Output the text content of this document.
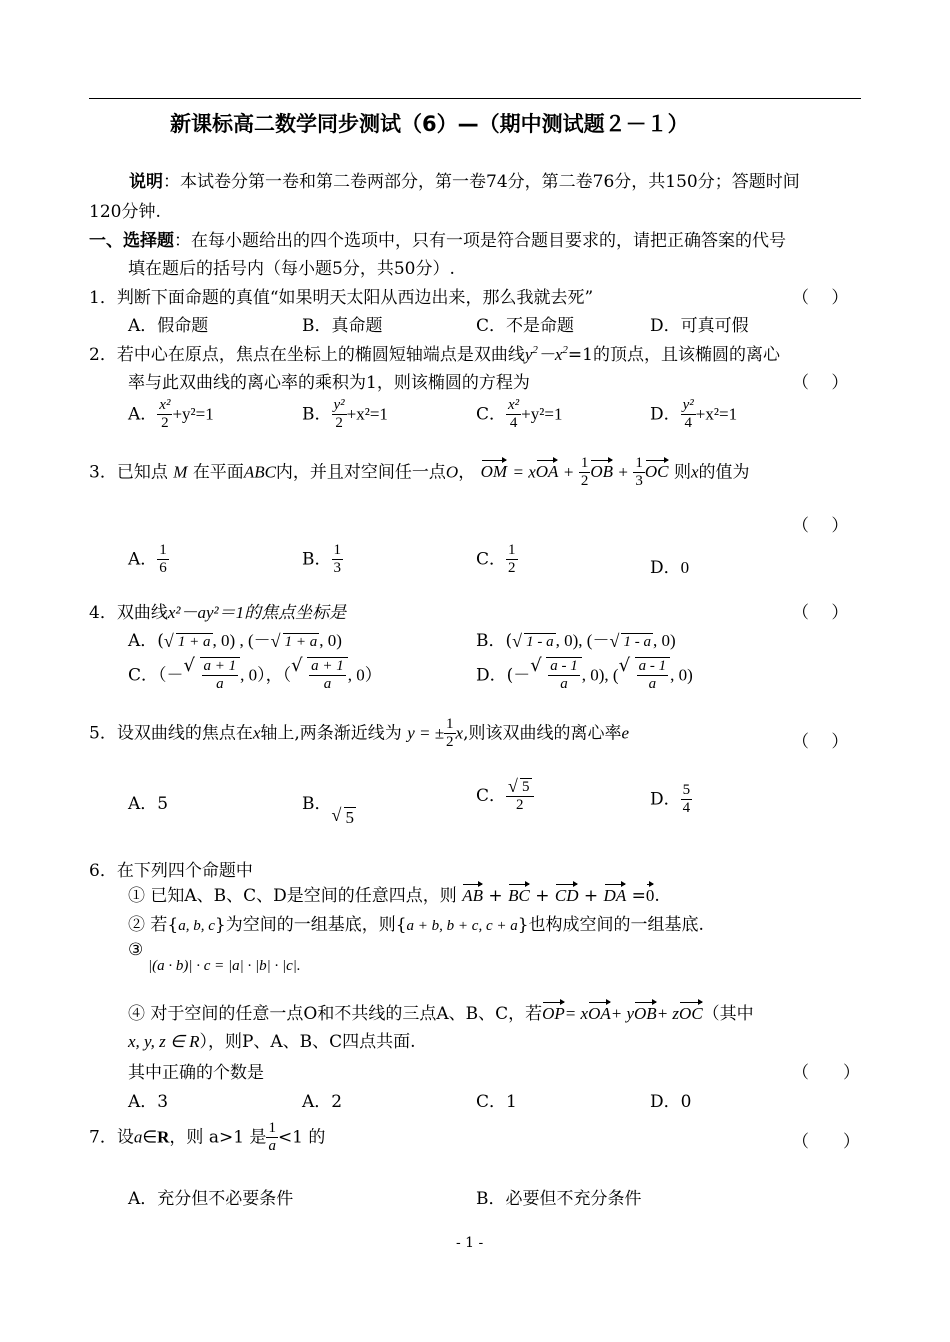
新课标高二数学同步测试（6）—（期中测试题２－１）
说明：本试卷分第一卷和第二卷两部分，第一卷74分，第二卷76分，共150分；答题时间
120分钟.
一、选择题：在每小题给出的四个选项中，只有一项是符合题目要求的，请把正确答案的代号
填在题后的括号内（每小题5分，共50分）.
1．判断下面命题的真值“如果明天太阳从西边出来，那么我就去死”	（　 ）
A．假命题	B．真命题	C．不是命题	D．可真可假
2．若中心在原点，焦点在坐标上的椭圆短轴端点是双曲线$y^2-x^2=1$的顶点，且该椭圆的离心
率与此双曲线的离心率的乘积为1，则该椭圆的方程为	（　 ）
A． $\frac{\text{x²}}{2} +y^2=1$	B． $\frac{\text{y²}}{2} +x^2=1$	C． $\frac{\text{x²}}{4} +y^2=1$	D． $\frac{\text{y²}}{4} +x^2=1$
3．已知点 M 在平面ABC内，并且对空间任一点O， OM = xOA + $\frac{1}{2}$ OB + $\frac{1}{3}$ OC 则x的值为
（　 ）
A． $\frac{1}{6}$	B． $\frac{1}{3}$	C． $\frac{1}{2}$	D．0
4．双曲线x²－ay²＝1的焦点坐标是	（　 ）
A．( √ 1 + a , 0) , (－ √ 1 + a , 0)	B．( √ 1 - a , 0), (－ √ 1 - a , 0)
C．（－ √ $\frac{a + 1}{a}$ , 0），（ √ $\frac{a + 1}{a}$ , 0）	D．(－ √ $\frac{a - 1}{a}$ , 0), ( √ $\frac{a - 1}{a}$ , 0)
5．设双曲线的焦点在x轴上,两条渐近线为 y = ± $\frac{1}{2} x$,则该双曲线的离心率e	（　 ）
A．5	B．√ 5
C． √ $\frac{5}{2}$	D． $\frac{5}{4}$
6．在下列四个命题中
① 已知A、B、C、D是空间的任意四点，则 AB + BC + CD + DA =0.
② 若{a, b, c}为空间的一组基底，则{a + b, b + c, c + a}也构成空间的一组基底.
③
|(a · b)| · c = |a| · |b| · |c|.
④ 对于空间的任意一点O和不共线的三点A、B、C，若OP= xOA+ yOB+ zOC（其中
x, y, z ∈ R），则P、A、B、C四点共面.
其中正确的个数是	（　　）
A．3	A．2	C．1	D．0
7．设a∈R，则 a>1 是 $\frac{1}{a} <1$ 的	（　　）
A．充分但不必要条件	B．必要但不充分条件
- 1 -
